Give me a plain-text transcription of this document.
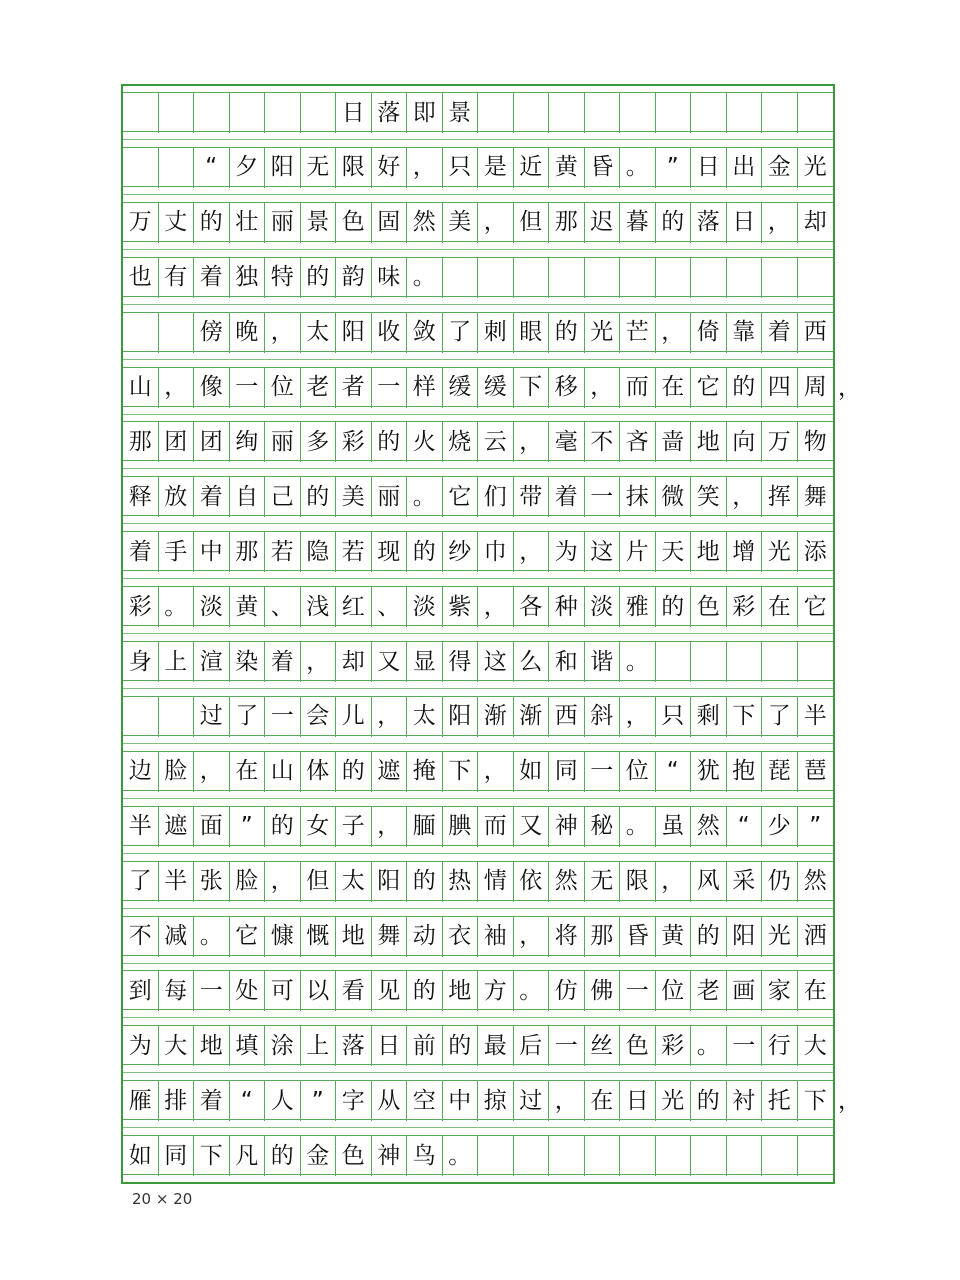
日 落 即 景
“ 夕 阳 无 限 好 ， 只 是 近 黄 昏 。 ” 日 出 金 光
万 丈 的 壮 丽 景 色 固 然 美 ， 但 那 迟 暮 的 落 日 ， 却
也 有 着 独 特 的 韵 味 。
傍 晚 ， 太 阳 收 敛 了 刺 眼 的 光 芒 ， 倚 靠 着 西
山 ， 像 一 位 老 者 一 样 缓 缓 下 移 ， 而 在 它 的 四 周
那 团 团 绚 丽 多 彩 的 火 烧 云 ， 毫 不 吝 啬 地 向 万 物
释 放 着 自 己 的 美 丽 。 它 们 带 着 一 抹 微 笑 ， 挥 舞
着 手 中 那 若 隐 若 现 的 纱 巾 ， 为 这 片 天 地 增 光 添
彩 。 淡 黄 、 浅 红 、 淡 紫 ， 各 种 淡 雅 的 色 彩 在 它
身 上 渲 染 着 ， 却 又 显 得 这 么 和 谐 。
过 了 一 会 儿 ， 太 阳 渐 渐 西 斜 ， 只 剩 下 了 半
边 脸 ， 在 山 体 的 遮 掩 下 ， 如 同 一 位 “ 犹 抱 琵 琶
半 遮 面 ” 的 女 子 ， 腼 腆 而 又 神 秘 。 虽 然 “ 少 ”
了 半 张 脸 ， 但 太 阳 的 热 情 依 然 无 限 ， 风 采 仍 然
不 减 。 它 慷 慨 地 舞 动 衣 袖 ， 将 那 昏 黄 的 阳 光 洒
到 每 一 处 可 以 看 见 的 地 方 。 仿 佛 一 位 老 画 家 在
为 大 地 填 涂 上 落 日 前 的 最 后 一 丝 色 彩 。 一 行 大
雁 排 着 “ 人 ” 字 从 空 中 掠 过 ， 在 日 光 的 衬 托 下
如 同 下 凡 的 金 色 神 鸟 。
20 × 20
，
，
